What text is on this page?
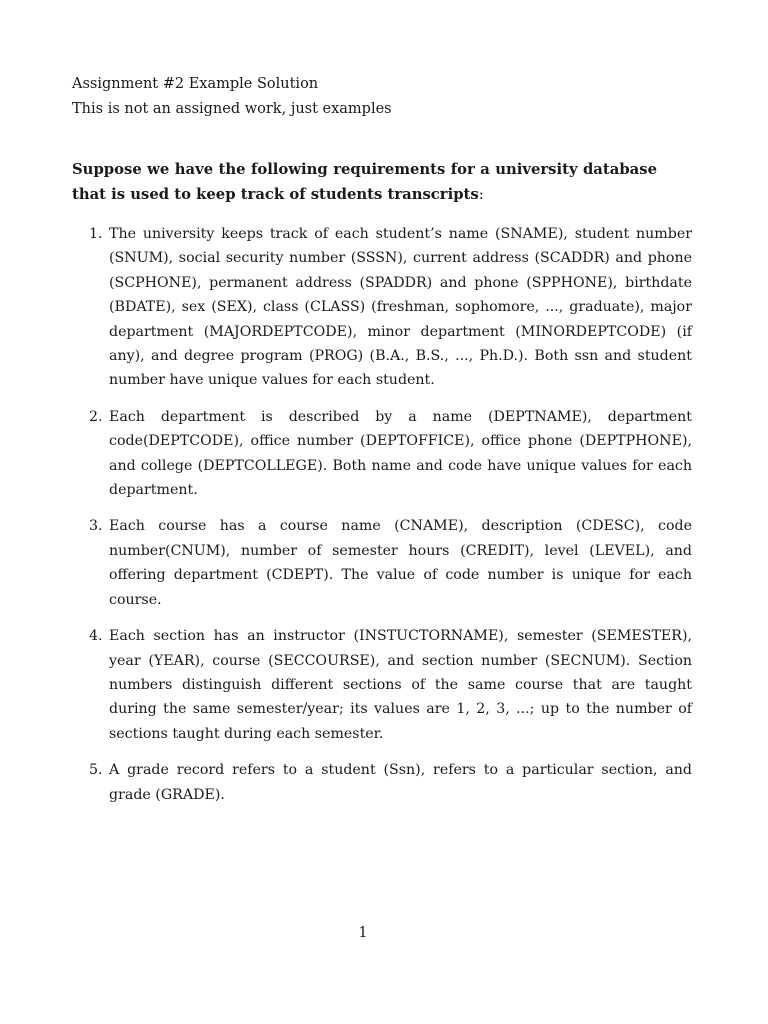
Assignment #2 Example Solution
This is not an assigned work, just examples
Suppose we have the following requirements for a university database that is used to keep track of students transcripts:
1. The university keeps track of each student’s name (SNAME), student number (SNUM), social security number (SSSN), current address (SCADDR) and phone (SCPHONE), permanent address (SPADDR) and phone (SPPHONE), birthdate (BDATE), sex (SEX), class (CLASS) (freshman, sophomore, ..., graduate), major department (MAJORDEPTCODE), minor department (MINORDEPTCODE) (if any), and degree program (PROG) (B.A., B.S., ..., Ph.D.). Both ssn and student number have unique values for each student.
2. Each department is described by a name (DEPTNAME), department code(DEPTCODE), office number (DEPTOFFICE), office phone (DEPTPHONE), and college (DEPTCOLLEGE). Both name and code have unique values for each department.
3. Each course has a course name (CNAME), description (CDESC), code number(CNUM), number of semester hours (CREDIT), level (LEVEL), and offering department (CDEPT). The value of code number is unique for each course.
4. Each section has an instructor (INSTUCTORNAME), semester (SEMESTER), year (YEAR), course (SECCOURSE), and section number (SECNUM). Section numbers distinguish different sections of the same course that are taught during the same semester/year; its values are 1, 2, 3, ...; up to the number of sections taught during each semester.
5. A grade record refers to a student (Ssn), refers to a particular section, and grade (GRADE).
1
